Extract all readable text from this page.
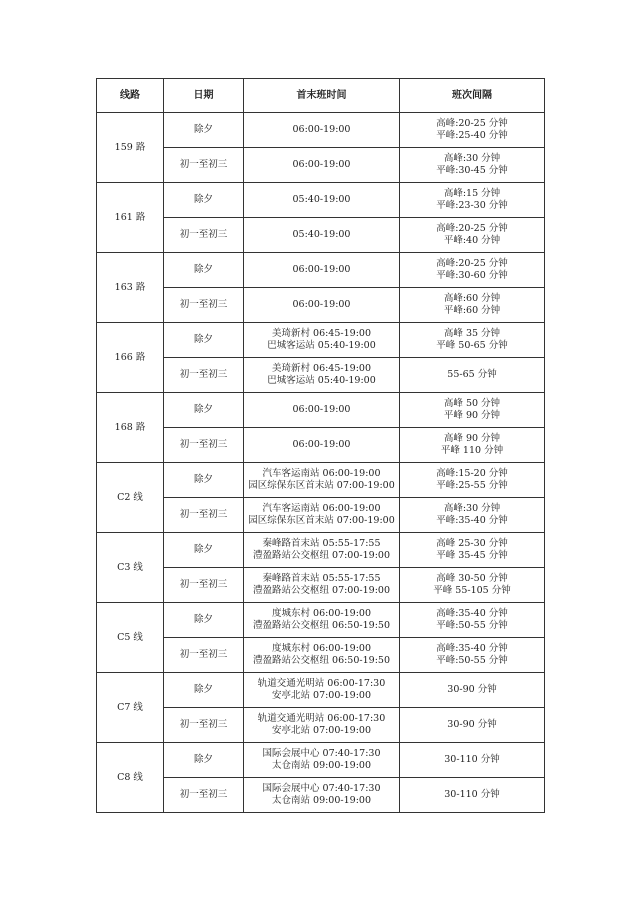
线路	日期	首末班时间	班次间隔
159 路	除夕	06:00-19:00	高峰:20-25 分钟
平峰:25-40 分钟

	初一至初三	06:00-19:00	高峰:30 分钟
平峰:30-45 分钟

161 路	除夕	05:40-19:00	高峰:15 分钟
平峰:23-30 分钟

	初一至初三	05:40-19:00	高峰:20-25 分钟
平峰:40 分钟

163 路	除夕	06:00-19:00	高峰:20-25 分钟
平峰:30-60 分钟

	初一至初三	06:00-19:00	高峰:60 分钟
平峰:60 分钟

166 路	除夕	美琦新村 06:45-19:00
巴城客运站 05:40-19:00	高峰 35 分钟
平峰 50-65 分钟

	初一至初三	美琦新村 06:45-19:00
巴城客运站 05:40-19:00	55-65 分钟

168 路	除夕	06:00-19:00	高峰 50 分钟
平峰 90 分钟

	初一至初三	06:00-19:00	高峰 90 分钟
平峰 110 分钟

C2 线	除夕	汽车客运南站 06:00-19:00
园区综保东区首末站 07:00-19:00	高峰:15-20 分钟
平峰:25-55 分钟

	初一至初三	汽车客运南站 06:00-19:00
园区综保东区首末站 07:00-19:00	高峰:30 分钟
平峰:35-40 分钟

C3 线	除夕	秦峰路首末站 05:55-17:55
澧盈路站公交枢纽 07:00-19:00	高峰 25-30 分钟
平峰 35-45 分钟

	初一至初三	秦峰路首末站 05:55-17:55
澧盈路站公交枢纽 07:00-19:00	高峰 30-50 分钟
平峰 55-105 分钟

C5 线	除夕	度城东村 06:00-19:00
澧盈路站公交枢纽 06:50-19:50	高峰:35-40 分钟
平峰:50-55 分钟

	初一至初三	度城东村 06:00-19:00
澧盈路站公交枢纽 06:50-19:50	高峰:35-40 分钟
平峰:50-55 分钟

C7 线	除夕	轨道交通光明站 06:00-17:30
安亭北站 07:00-19:00	30-90 分钟

	初一至初三	轨道交通光明站 06:00-17:30
安亭北站 07:00-19:00	30-90 分钟

C8 线	除夕	国际会展中心 07:40-17:30
太仓南站 09:00-19:00	30-110 分钟

	初一至初三	国际会展中心 07:40-17:30
太仓南站 09:00-19:00	30-110 分钟
